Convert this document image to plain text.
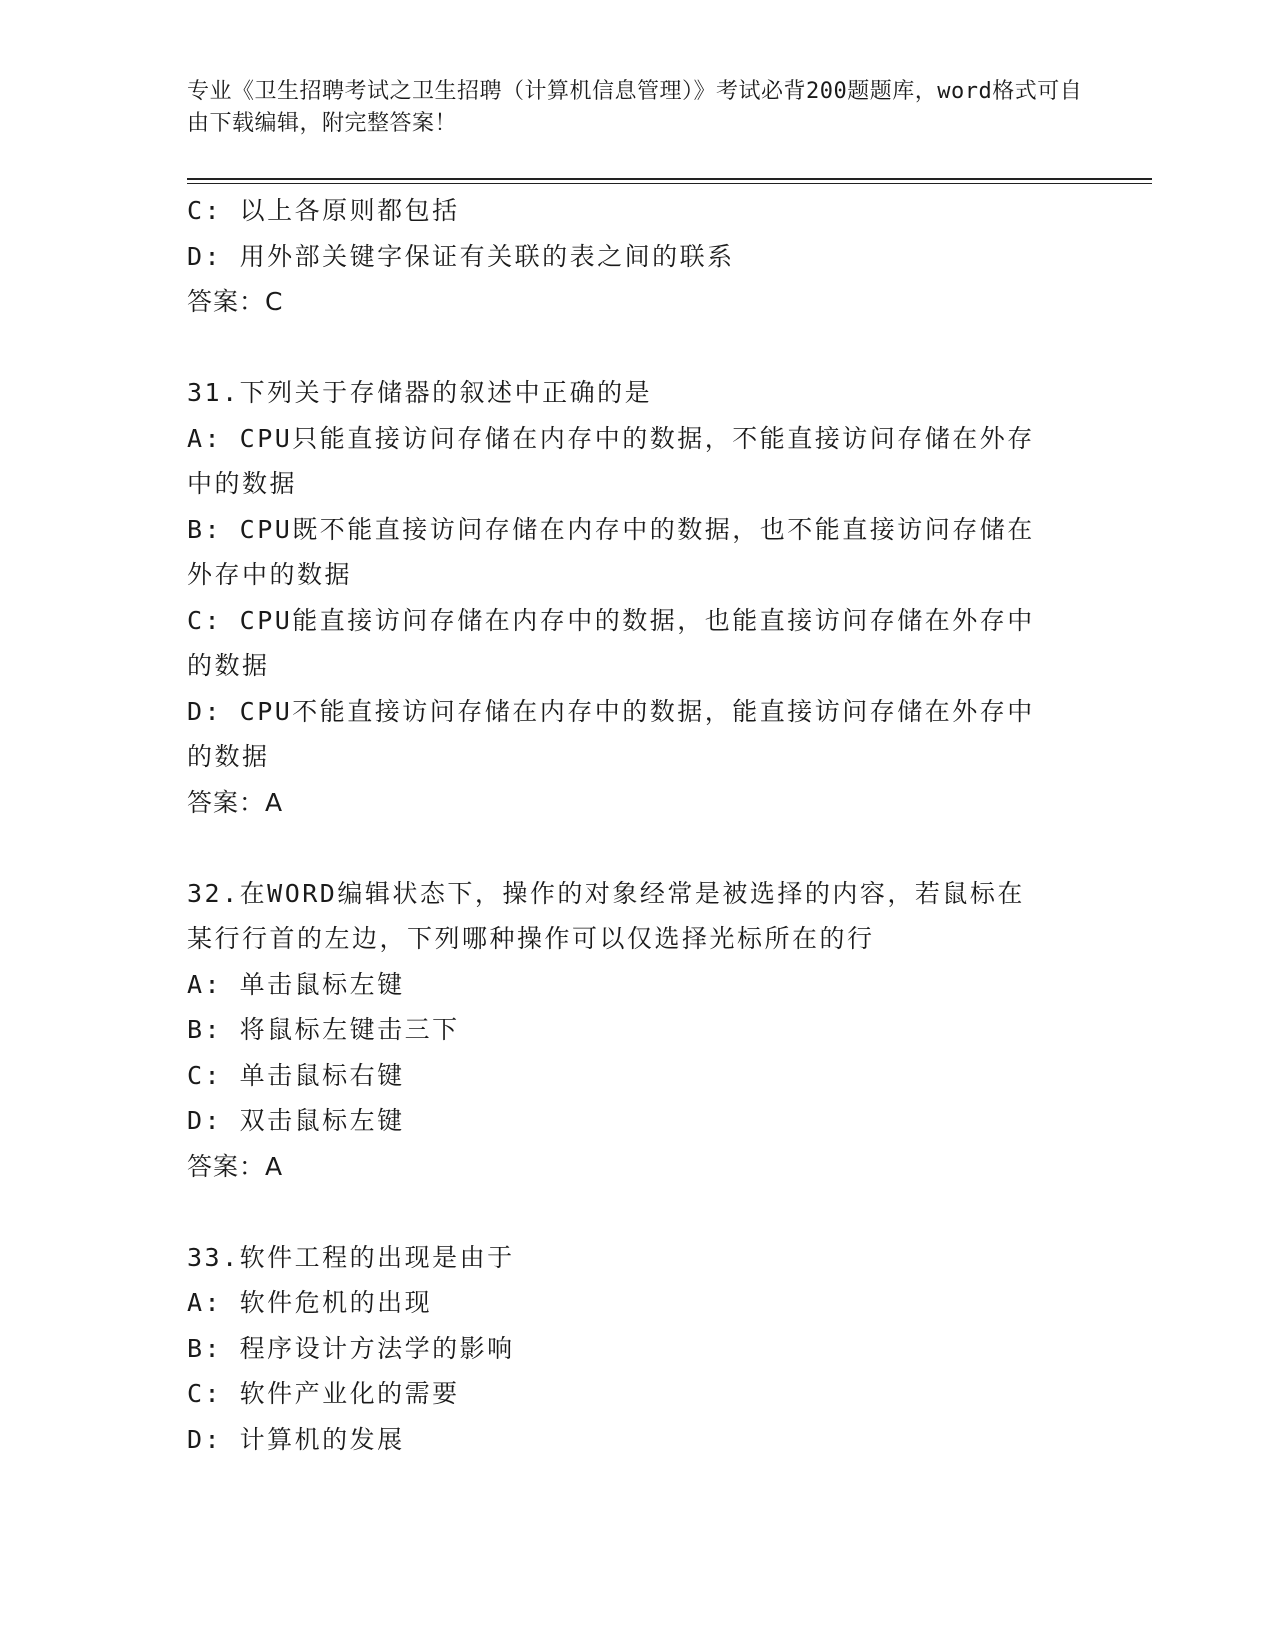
专业《卫生招聘考试之卫生招聘（计算机信息管理）》考试必背200题题库，word格式可自由下载编辑，附完整答案！
C: 以上各原则都包括
D: 用外部关键字保证有关联的表之间的联系
答案：C
31.下列关于存储器的叙述中正确的是
A: CPU只能直接访问存储在内存中的数据，不能直接访问存储在外存
中的数据
B: CPU既不能直接访问存储在内存中的数据，也不能直接访问存储在
外存中的数据
C: CPU能直接访问存储在内存中的数据，也能直接访问存储在外存中
的数据
D: CPU不能直接访问存储在内存中的数据，能直接访问存储在外存中
的数据
答案：A
32.在WORD编辑状态下，操作的对象经常是被选择的内容，若鼠标在
某行行首的左边，下列哪种操作可以仅选择光标所在的行
A: 单击鼠标左键
B: 将鼠标左键击三下
C: 单击鼠标右键
D: 双击鼠标左键
答案：A
33.软件工程的出现是由于
A: 软件危机的出现
B: 程序设计方法学的影响
C: 软件产业化的需要
D: 计算机的发展
